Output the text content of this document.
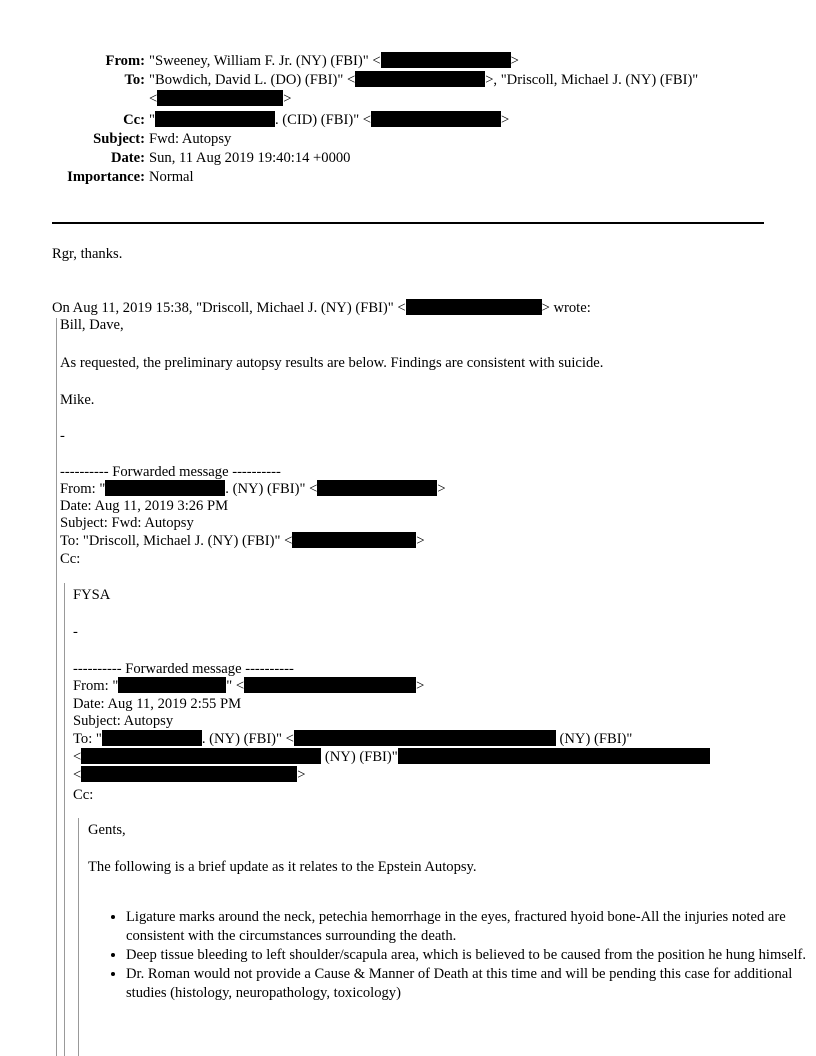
From: "Sweeney, William F. Jr. (NY) (FBI)" <	>
To: "Bowdich, David L. (DO) (FBI)" <	>, "Driscoll, Michael J. (NY) (FBI)"
<	>
Cc: "	. (CID) (FBI)" <	>
Subject: Fwd: Autopsy
Date: Sun, 11 Aug 2019 19:40:14 +0000
Importance: Normal
Rgr, thanks.
On Aug 11, 2019 15:38, "Driscoll, Michael J. (NY) (FBI)" <	> wrote:
Bill, Dave,
As requested, the preliminary autopsy results are below. Findings are consistent with suicide.
Mike.
-
---------- Forwarded message ----------
From: "	. (NY) (FBI)" <	>
Date: Aug 11, 2019 3:26 PM
Subject: Fwd: Autopsy
To: "Driscoll, Michael J. (NY) (FBI)" <	>
Cc:
FYSA
-
---------- Forwarded message ----------
From: "	" <	>
Date: Aug 11, 2019 2:55 PM
Subject: Autopsy
To: "	. (NY) (FBI)" <	(NY) (FBI)"
<	(NY) (FBI)"
<	>
Cc:
Gents,
The following is a brief update as it relates to the Epstein Autopsy.
• Ligature marks around the neck, petechia hemorrhage in the eyes, fractured hyoid bone-All the injuries noted are consistent with the circumstances surrounding the death.
• Deep tissue bleeding to left shoulder/scapula area, which is believed to be caused from the position he hung himself.
• Dr. Roman would not provide a Cause & Manner of Death at this time and will be pending this case for additional studies (histology, neuropathology, toxicology)
